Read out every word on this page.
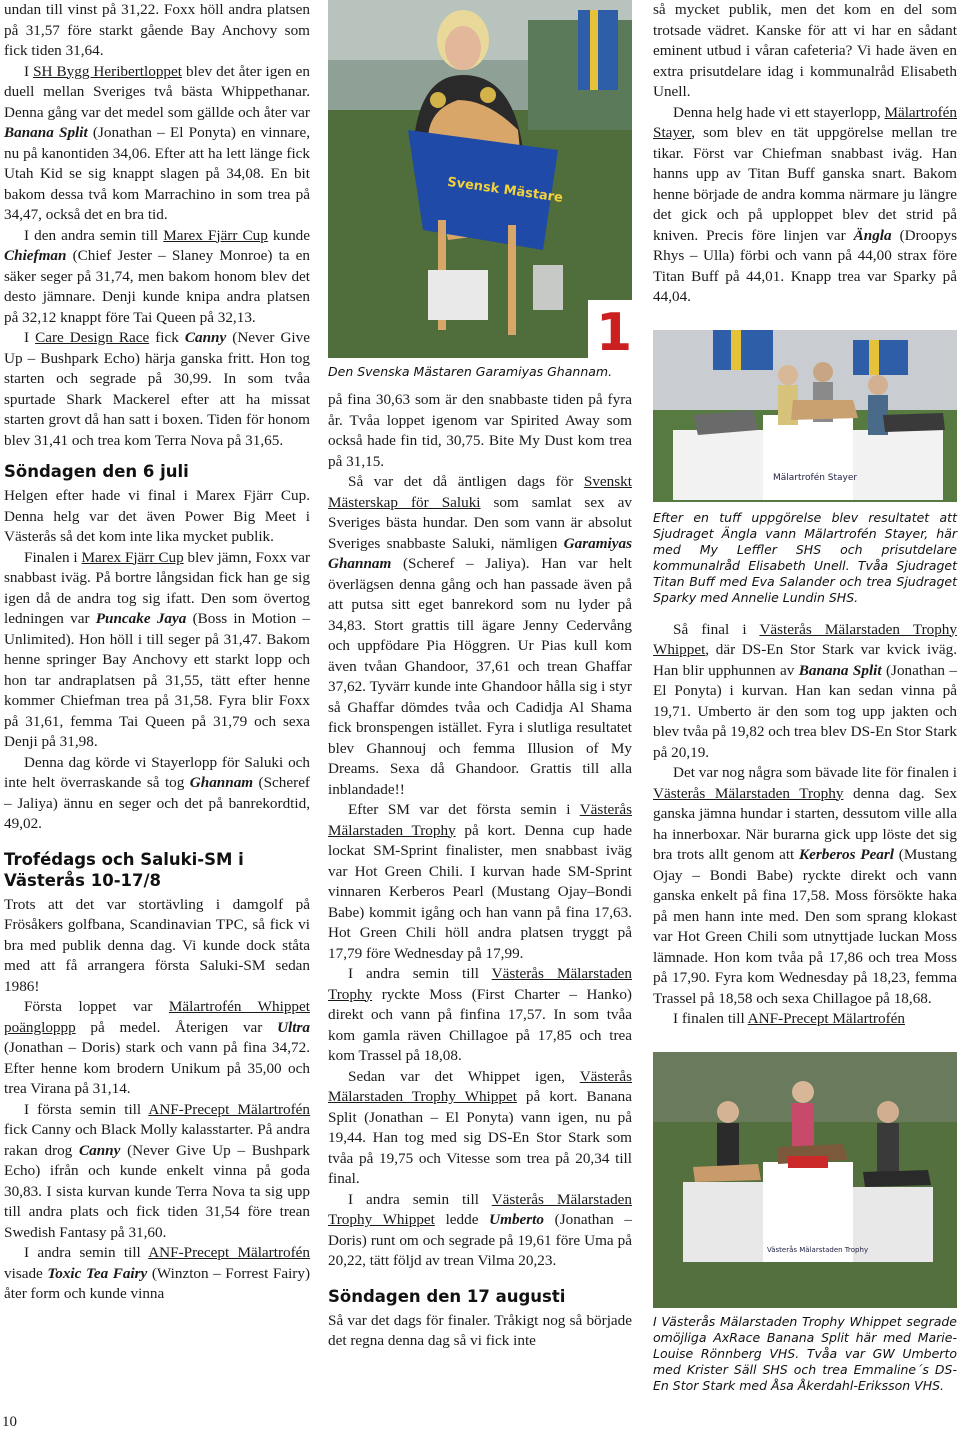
undan till vinst på 31,22. Foxx höll andra platsen på 31,57 före starkt gående Bay Anchovy som fick tiden 31,64.

I SH Bygg Heribertloppet blev det åter igen en duell mellan Sveriges två bästa Whippethanar. Denna gång var det medel som gällde och åter var Banana Split (Jonathan – El Ponyta) en vinnare, nu på kanontiden 34,06. Efter att ha lett länge fick Utah Kid se sig knappt slagen på 34,08. En bit bakom dessa två kom Marrachino in som trea på 34,47, också det en bra tid.

I den andra semin till Marex Fjärr Cup kunde Chiefman (Chief Jester – Slaney Monroe) ta en säker seger på 31,74, men bakom honom blev det desto jämnare. Denji kunde knipa andra platsen på 32,12 knappt före Tai Queen på 32,13.

I Care Design Race fick Canny (Never Give Up – Bushpark Echo) härja ganska fritt. Hon tog starten och segrade på 30,99. In som tvåa spurtade Shark Mackerel efter att ha missat starten grovt då han satt i boxen. Tiden för honom blev 31,41 och trea kom Terra Nova på 31,65.

Söndagen den 6 juli

Helgen efter hade vi final i Marex Fjärr Cup. Denna helg var det även Power Big Meet i Västerås så det kom inte lika mycket publik.

Finalen i Marex Fjärr Cup blev jämn, Foxx var snabbast iväg. På bortre långsidan fick han ge sig igen då de andra tog sig ifatt. Den som övertog ledningen var Puncake Jaya (Boss in Motion – Unlimited). Hon höll i till seger på 31,47. Bakom henne springer Bay Anchovy ett starkt lopp och hon tar andraplatsen på 31,55, tätt efter henne kommer Chiefman trea på 31,58. Fyra blir Foxx på 31,61, femma Tai Queen på 31,79 och sexa Denji på 31,98.

Denna dag körde vi Stayerlopp för Saluki och inte helt överraskande så tog Ghannam (Scheref – Jaliya) ännu en seger och det på banrekordtid, 49,02.

Trofédags och Saluki-SM i Västerås 10-17/8

Trots att det var stortävling i damgolf på Frösåkers golfbana, Scandinavian TPC, så fick vi bra med publik denna dag. Vi kunde dock ståta med att få arrangera första Saluki-SM sedan 1986!

Första loppet var Mälartrofén Whippet poängloppp på medel. Återigen var Ultra (Jonathan – Doris) stark och vann på fina 34,72. Efter henne kom brodern Unikum på 35,00 och trea Virana på 31,14.

I första semin till ANF-Precept Mälartrofén fick Canny och Black Molly kalasstarter. På andra rakan drog Canny (Never Give Up – Bushpark Echo) ifrån och kunde enkelt vinna på goda 30,83. I sista kurvan kunde Terra Nova ta sig upp till andra plats och fick tiden 31,54 före trean Swedish Fantasy på 31,60.

I andra semin till ANF-Precept Mälartrofén visade Toxic Tea Fairy (Winzton – Forrest Fairy) åter form och kunde vinna

Svensk Mästare
1

Den Svenska Mästaren Garamiyas Ghannam.

på fina 30,63 som är den snabbaste tiden på fyra år. Tvåa loppet igenom var Spirited Away som också hade fin tid, 30,75. Bite My Dust kom trea på 31,15.

Så var det då äntligen dags för Svenskt Mästerskap för Saluki som samlat sex av Sveriges bästa hundar. Den som vann är absolut Sveriges snabbaste Saluki, nämligen Garamiyas Ghannam (Scheref – Jaliya). Han var helt överlägsen denna gång och han passade även på att putsa sitt eget banrekord som nu lyder på 34,83. Stort grattis till ägare Jenny Cedervång och uppfödare Pia Höggren. Ur Pias kull kom även tvåan Ghandoor, 37,61 och trean Ghaffar 37,62. Tyvärr kunde inte Ghandoor hålla sig i styr så Ghaffar dömdes tvåa och Cadidja Al Shama fick bronspengen istället. Fyra i slutliga resultatet blev Ghannouj och femma Illusion of My Dreams. Sexa då Ghandoor. Grattis till alla inblandade!!

Efter SM var det första semin i Västerås Mälarstaden Trophy på kort. Denna cup hade lockat SM-Sprint finalister, men snabbast iväg var Hot Green Chili. I kurvan hade SM-Sprint vinnaren Kerberos Pearl (Mustang Ojay–Bondi Babe) kommit igång och han vann på fina 17,63. Hot Green Chili höll andra platsen tryggt på 17,79 före Wednesday på 17,99.

I andra semin till Västerås Mälarstaden Trophy ryckte Moss (First Charter – Hanko) direkt och vann på finfina 17,57. In som tvåa kom gamla räven Chillagoe på 17,85 och trea kom Trassel på 18,08.

Sedan var det Whippet igen, Västerås Mälarstaden Trophy Whippet på kort. Banana Split (Jonathan – El Ponyta) vann igen, nu på 19,44. Han tog med sig DS-En Stor Stark som tvåa på 19,75 och Vitesse som trea på 20,34 till final.

I andra semin till Västerås Mälarstaden Trophy Whippet ledde Umberto (Jonathan – Doris) runt om och segrade på 19,61 före Uma på 20,22, tätt följd av trean Vilma 20,23.

Söndagen den 17 augusti

Så var det dags för finaler. Tråkigt nog så började det regna denna dag så vi fick inte

så mycket publik, men det kom en del som trotsade vädret. Kanske för att vi har en sådant eminent utbud i våran cafeteria? Vi hade även en extra prisutdelare idag i kommunalråd Elisabeth Unell.

Denna helg hade vi ett stayerlopp, Mälartrofén Stayer, som blev en tät uppgörelse mellan tre tikar. Först var Chiefman snabbast iväg. Han hanns upp av Titan Buff ganska snart. Bakom henne började de andra komma närmare ju längre det gick och på upploppet blev det strid på kniven. Precis före linjen var Ängla (Droopys Rhys – Ulla) förbi och vann på 44,00 strax före Titan Buff på 44,01. Knapp trea var Sparky på 44,04.

Mälartrofén Stayer

Efter en tuff uppgörelse blev resultatet att Sjudraget Ängla vann Mälartrofén Stayer, här med My Leffler SHS och prisutdelare kommunalråd Elisabeth Unell. Tvåa Sjudraget Titan Buff med Eva Salander och trea Sjudraget Sparky med Annelie Lundin SHS.

Så final i Västerås Mälarstaden Trophy Whippet, där DS-En Stor Stark var kvick iväg. Han blir upphunnen av Banana Split (Jonathan – El Ponyta) i kurvan. Han kan sedan vinna på 19,71. Umberto är den som tog upp jakten och blev tvåa på 19,82 och trea blev DS-En Stor Stark på 20,19.

Det var nog några som bävade lite för finalen i Västerås Mälarstaden Trophy denna dag. Sex ganska jämna hundar i starten, dessutom ville alla ha innerboxar. När burarna gick upp löste det sig bra trots allt genom att Kerberos Pearl (Mustang Ojay – Bondi Babe) ryckte direkt och vann ganska enkelt på fina 17,58. Moss försökte haka på men hann inte med. Den som sprang klokast var Hot Green Chili som utnyttjade luckan Moss lämnade. Hon kom tvåa på 17,86 och trea Moss på 17,90. Fyra kom Wednesday på 18,23, femma Trassel på 18,58 och sexa Chillagoe på 18,68.

I finalen till ANF-Precept Mälartrofén

Västerås Mälarstaden Trophy

I Västerås Mälarstaden Trophy Whippet segrade omöjliga AxRace Banana Split här med Marie-Louise Rönnberg VHS. Tvåa var GW Umberto med Krister Säll SHS och trea Emmaline´s DS-En Stor Stark med Åsa Åkerdahl-Eriksson VHS.

10
